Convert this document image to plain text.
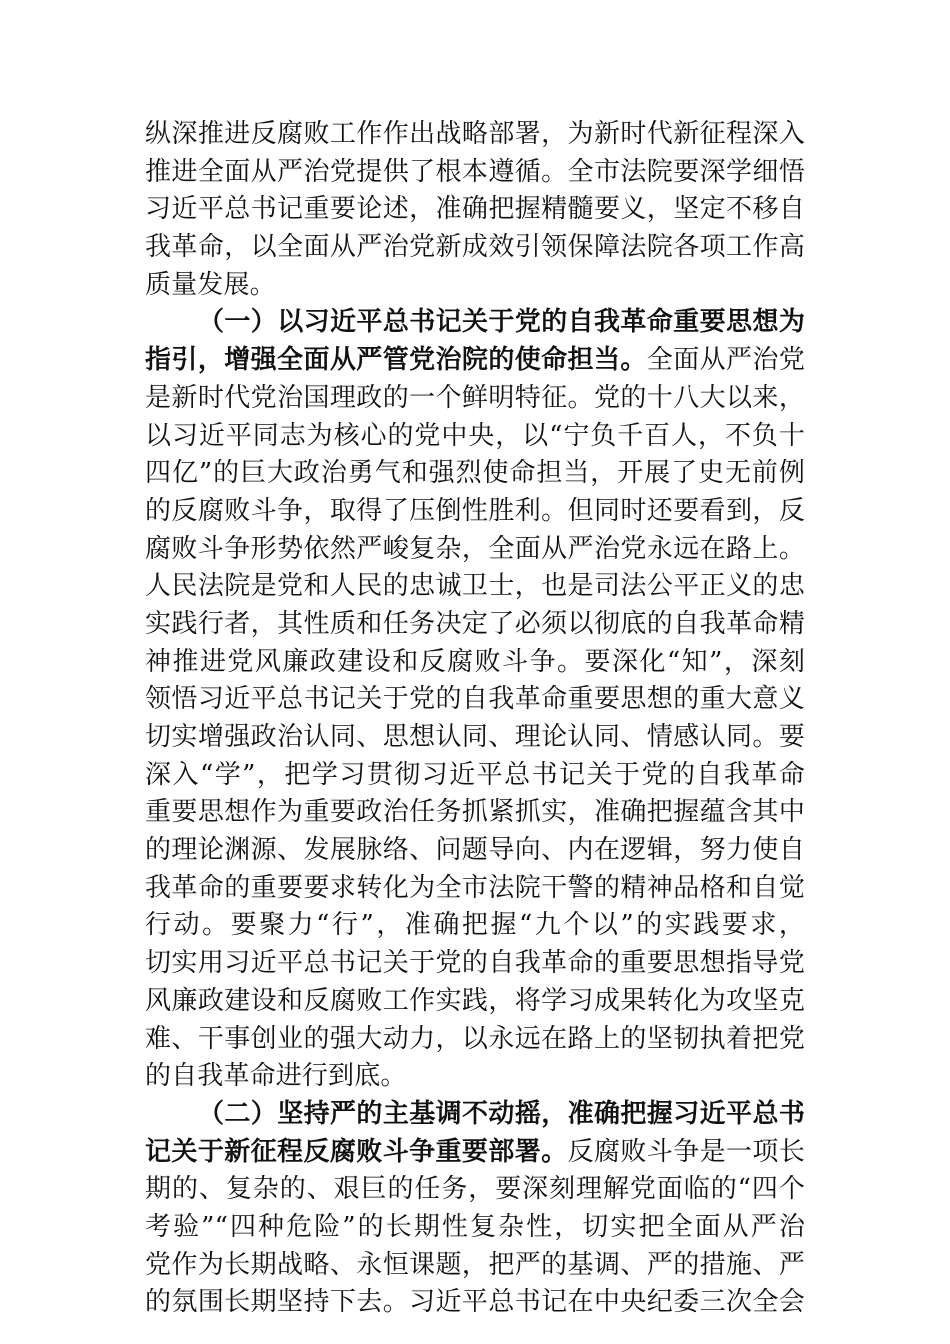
纵深推进反腐败工作作出战略部署，为新时代新征程深入
推进全面从严治党提供了根本遵循。全市法院要深学细悟
习近平总书记重要论述，准确把握精髓要义，坚定不移自
我革命，以全面从严治党新成效引领保障法院各项工作高
质量发展。
（一）以习近平总书记关于党的自我革命重要思想为
指引，增强全面从严管党治院的使命担当。全面从严治党
是新时代党治国理政的一个鲜明特征。党的十八大以来，
以习近平同志为核心的党中央，以“宁负千百人，不负十
四亿”的巨大政治勇气和强烈使命担当，开展了史无前例
的反腐败斗争，取得了压倒性胜利。但同时还要看到，反
腐败斗争形势依然严峻复杂，全面从严治党永远在路上。
人民法院是党和人民的忠诚卫士，也是司法公平正义的忠
实践行者，其性质和任务决定了必须以彻底的自我革命精
神推进党风廉政建设和反腐败斗争。要深化“知”，深刻
领悟习近平总书记关于党的自我革命重要思想的重大意义
切实增强政治认同、思想认同、理论认同、情感认同。要
深入“学”，把学习贯彻习近平总书记关于党的自我革命
重要思想作为重要政治任务抓紧抓实，准确把握蕴含其中
的理论渊源、发展脉络、问题导向、内在逻辑，努力使自
我革命的重要要求转化为全市法院干警的精神品格和自觉
行动。要聚力“行”，准确把握“九个以”的实践要求，
切实用习近平总书记关于党的自我革命的重要思想指导党
风廉政建设和反腐败工作实践，将学习成果转化为攻坚克
难、干事创业的强大动力，以永远在路上的坚韧执着把党
的自我革命进行到底。
（二）坚持严的主基调不动摇，准确把握习近平总书
记关于新征程反腐败斗争重要部署。反腐败斗争是一项长
期的、复杂的、艰巨的任务，要深刻理解党面临的“四个
考验”“四种危险”的长期性复杂性，切实把全面从严治
党作为长期战略、永恒课题，把严的基调、严的措施、严
的氛围长期坚持下去。习近平总书记在中央纪委三次全会
